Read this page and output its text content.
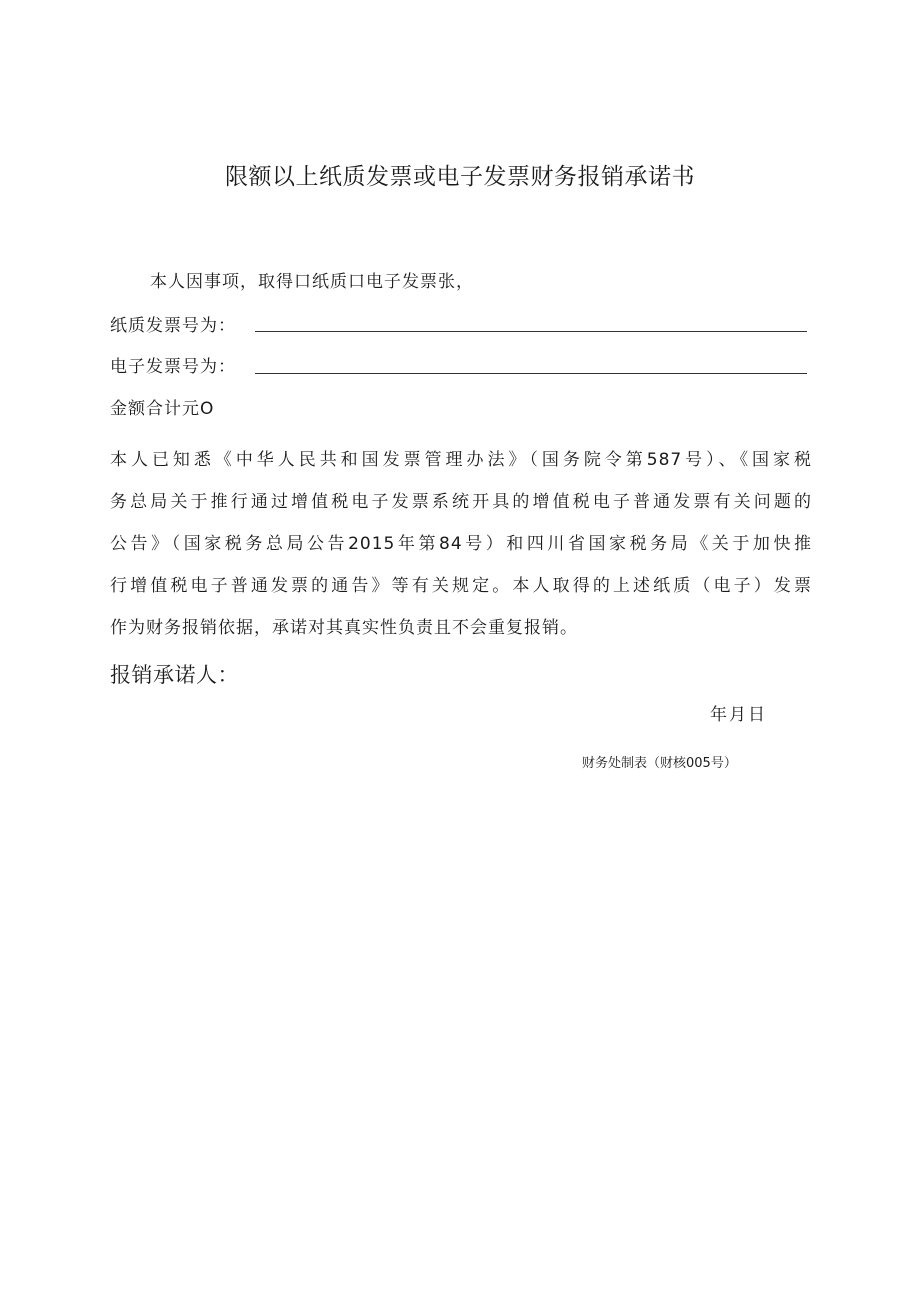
限额以上纸质发票或电子发票财务报销承诺书
本人因事项，取得口纸质口电子发票张，
纸质发票号为：
电子发票号为：
金额合计元O
本人已知悉《中华人民共和国发票管理办法》（国务院令第587号）、《国家税
务总局关于推行通过增值税电子发票系统开具的增值税电子普通发票有关问题的
公告》（国家税务总局公告2015年第84号）和四川省国家税务局《关于加快推
行增值税电子普通发票的通告》等有关规定。本人取得的上述纸质（电子）发票
作为财务报销依据，承诺对其真实性负责且不会重复报销。
报销承诺人：
年月日
财务处制表（财核005号）
